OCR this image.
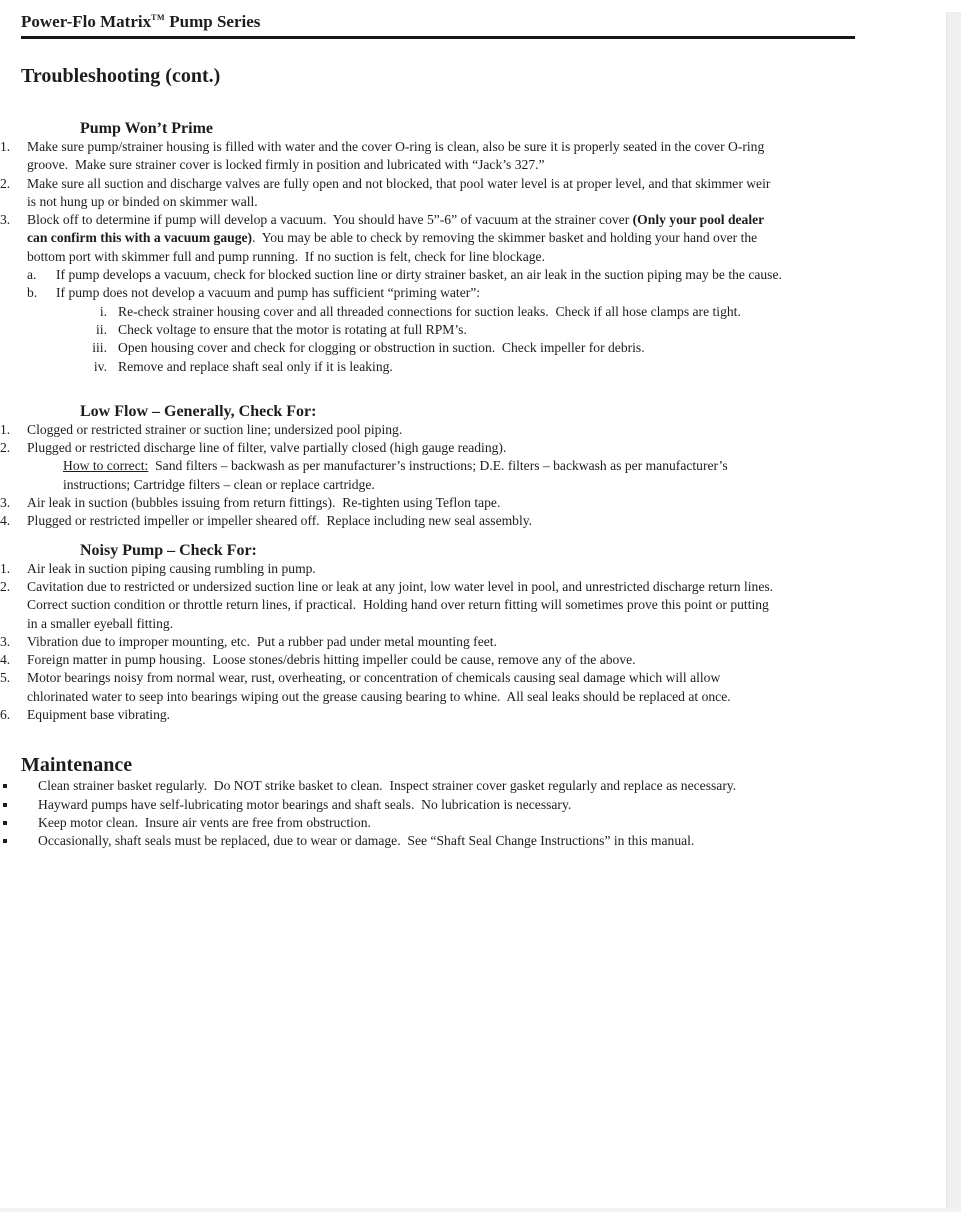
Power-Flo Matrix™ Pump Series
Troubleshooting (cont.)
Pump Won’t Prime
Make sure pump/strainer housing is filled with water and the cover O-ring is clean, also be sure it is properly seated in the cover O-ring groove.  Make sure strainer cover is locked firmly in position and lubricated with “Jack’s 327.”
Make sure all suction and discharge valves are fully open and not blocked, that pool water level is at proper level, and that skimmer weir is not hung up or binded on skimmer wall.
Block off to determine if pump will develop a vacuum.  You should have 5”-6” of vacuum at the strainer cover (Only your pool dealer can confirm this with a vacuum gauge).  You may be able to check by removing the skimmer basket and holding your hand over the bottom port with skimmer full and pump running.  If no suction is felt, check for line blockage.
If pump develops a vacuum, check for blocked suction line or dirty strainer basket, an air leak in the suction piping may be the cause.
If pump does not develop a vacuum and pump has sufficient “priming water”:
Re-check strainer housing cover and all threaded connections for suction leaks.  Check if all hose clamps are tight.
Check voltage to ensure that the motor is rotating at full RPM’s.
Open housing cover and check for clogging or obstruction in suction.  Check impeller for debris.
Remove and replace shaft seal only if it is leaking.
Low Flow – Generally, Check For:
Clogged or restricted strainer or suction line; undersized pool piping.
Plugged or restricted discharge line of filter, valve partially closed (high gauge reading).
How to correct:  Sand filters – backwash as per manufacturer’s instructions; D.E. filters – backwash as per manufacturer’s instructions; Cartridge filters – clean or replace cartridge.
Air leak in suction (bubbles issuing from return fittings).  Re-tighten using Teflon tape.
Plugged or restricted impeller or impeller sheared off.  Replace including new seal assembly.
Noisy Pump – Check For:
Air leak in suction piping causing rumbling in pump.
Cavitation due to restricted or undersized suction line or leak at any joint, low water level in pool, and unrestricted discharge return lines.  Correct suction condition or throttle return lines, if practical.  Holding hand over return fitting will sometimes prove this point or putting in a smaller eyeball fitting.
Vibration due to improper mounting, etc.  Put a rubber pad under metal mounting feet.
Foreign matter in pump housing.  Loose stones/debris hitting impeller could be cause, remove any of the above.
Motor bearings noisy from normal wear, rust, overheating, or concentration of chemicals causing seal damage which will allow chlorinated water to seep into bearings wiping out the grease causing bearing to whine.  All seal leaks should be replaced at once.
Equipment base vibrating.
Maintenance
Clean strainer basket regularly.  Do NOT strike basket to clean.  Inspect strainer cover gasket regularly and replace as necessary.
Hayward pumps have self-lubricating motor bearings and shaft seals.  No lubrication is necessary.
Keep motor clean.  Insure air vents are free from obstruction.
Occasionally, shaft seals must be replaced, due to wear or damage.  See “Shaft Seal Change Instructions” in this manual.
